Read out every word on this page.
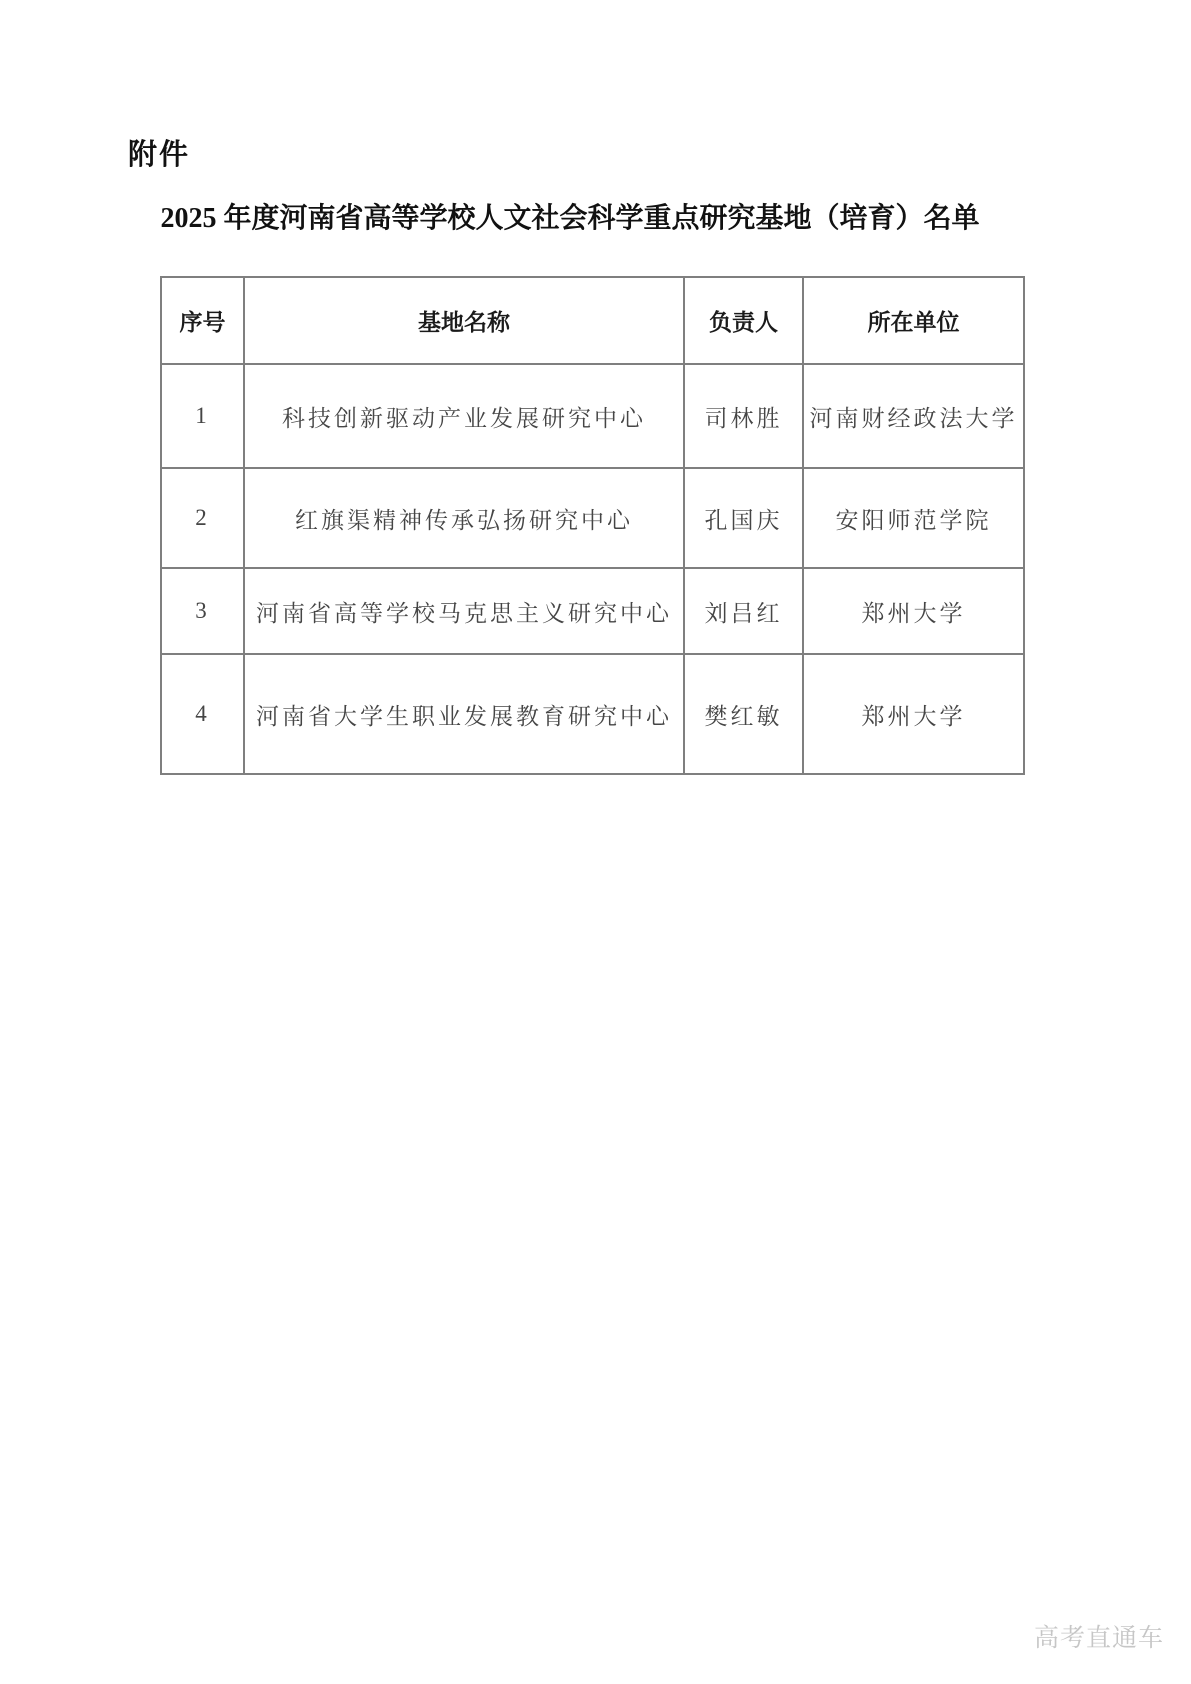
附件
2025 年度河南省高等学校人文社会科学重点研究基地（培育）名单
序号	基地名称	负责人	所在单位
1	科技创新驱动产业发展研究中心	司林胜	河南财经政法大学
2	红旗渠精神传承弘扬研究中心	孔国庆	安阳师范学院
3	河南省高等学校马克思主义研究中心	刘吕红	郑州大学
4	河南省大学生职业发展教育研究中心	樊红敏	郑州大学
高考直通车
